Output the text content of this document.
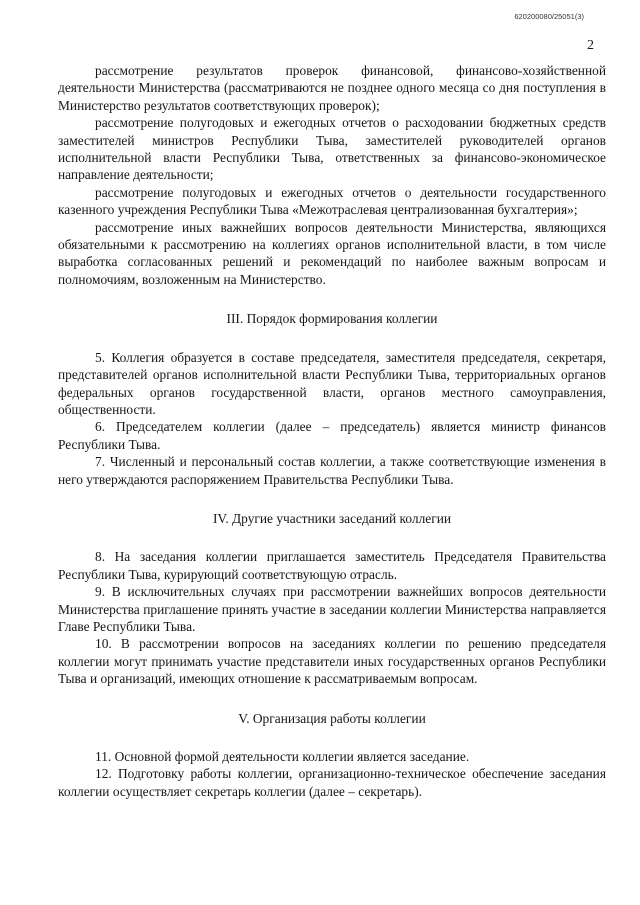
620200080/25051(3)
2

рассмотрение результатов проверок финансовой, финансово-хозяйственной деятельности Министерства (рассматриваются не позднее одного месяца со дня поступления в Министерство результатов соответствующих проверок);

рассмотрение полугодовых и ежегодных отчетов о расходовании бюджетных средств заместителей министров Республики Тыва, заместителей руководителей органов исполнительной власти Республики Тыва, ответственных за финансово-экономическое направление деятельности;

рассмотрение полугодовых и ежегодных отчетов о деятельности государственного казенного учреждения Республики Тыва «Межотраслевая централизованная бухгалтерия»;

рассмотрение иных важнейших вопросов деятельности Министерства, являющихся обязательными к рассмотрению на коллегиях органов исполнительной власти, в том числе выработка согласованных решений и рекомендаций по наиболее важным вопросам и полномочиям, возложенным на Министерство.

III. Порядок формирования коллегии

5. Коллегия образуется в составе председателя, заместителя председателя, секретаря, представителей органов исполнительной власти Республики Тыва, территориальных органов федеральных органов государственной власти, органов местного самоуправления, общественности.

6. Председателем коллегии (далее – председатель) является министр финансов Республики Тыва.

7. Численный и персональный состав коллегии, а также соответствующие изменения в него утверждаются распоряжением Правительства Республики Тыва.

IV. Другие участники заседаний коллегии

8. На заседания коллегии приглашается заместитель Председателя Правительства Республики Тыва, курирующий соответствующую отрасль.

9. В исключительных случаях при рассмотрении важнейших вопросов деятельности Министерства приглашение принять участие в заседании коллегии Министерства направляется Главе Республики Тыва.

10. В рассмотрении вопросов на заседаниях коллегии по решению председателя коллегии могут принимать участие представители иных государственных органов Республики Тыва и организаций, имеющих отношение к рассматриваемым вопросам.

V. Организация работы коллегии

11. Основной формой деятельности коллегии является заседание.

12. Подготовку работы коллегии, организационно-техническое обеспечение заседания коллегии осуществляет секретарь коллегии (далее – секретарь).
